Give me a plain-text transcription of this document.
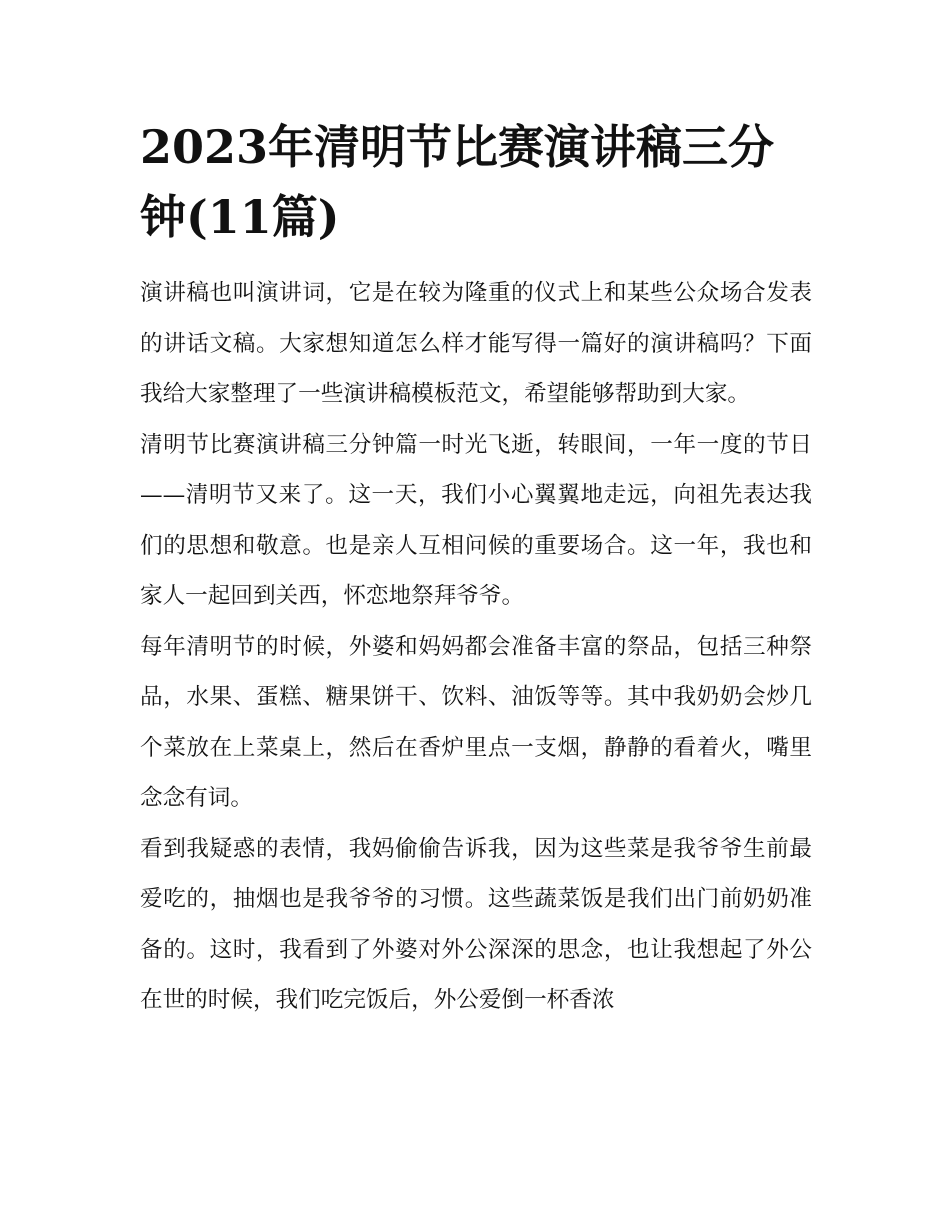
2023年清明节比赛演讲稿三分钟(11篇)

演讲稿也叫演讲词，它是在较为隆重的仪式上和某些公众场合发表的讲话文稿。大家想知道怎么样才能写得一篇好的演讲稿吗？下面我给大家整理了一些演讲稿模板范文，希望能够帮助到大家。

清明节比赛演讲稿三分钟篇一时光飞逝，转眼间，一年一度的节日——清明节又来了。这一天，我们小心翼翼地走远，向祖先表达我们的思想和敬意。也是亲人互相问候的重要场合。这一年，我也和家人一起回到关西，怀恋地祭拜爷爷。

每年清明节的时候，外婆和妈妈都会准备丰富的祭品，包括三种祭品，水果、蛋糕、糖果饼干、饮料、油饭等等。其中我奶奶会炒几个菜放在上菜桌上，然后在香炉里点一支烟，静静的看着火，嘴里念念有词。

看到我疑惑的表情，我妈偷偷告诉我，因为这些菜是我爷爷生前最爱吃的，抽烟也是我爷爷的习惯。这些蔬菜饭是我们出门前奶奶准备的。这时，我看到了外婆对外公深深的思念，也让我想起了外公在世的时候，我们吃完饭后，外公爱倒一杯香浓
